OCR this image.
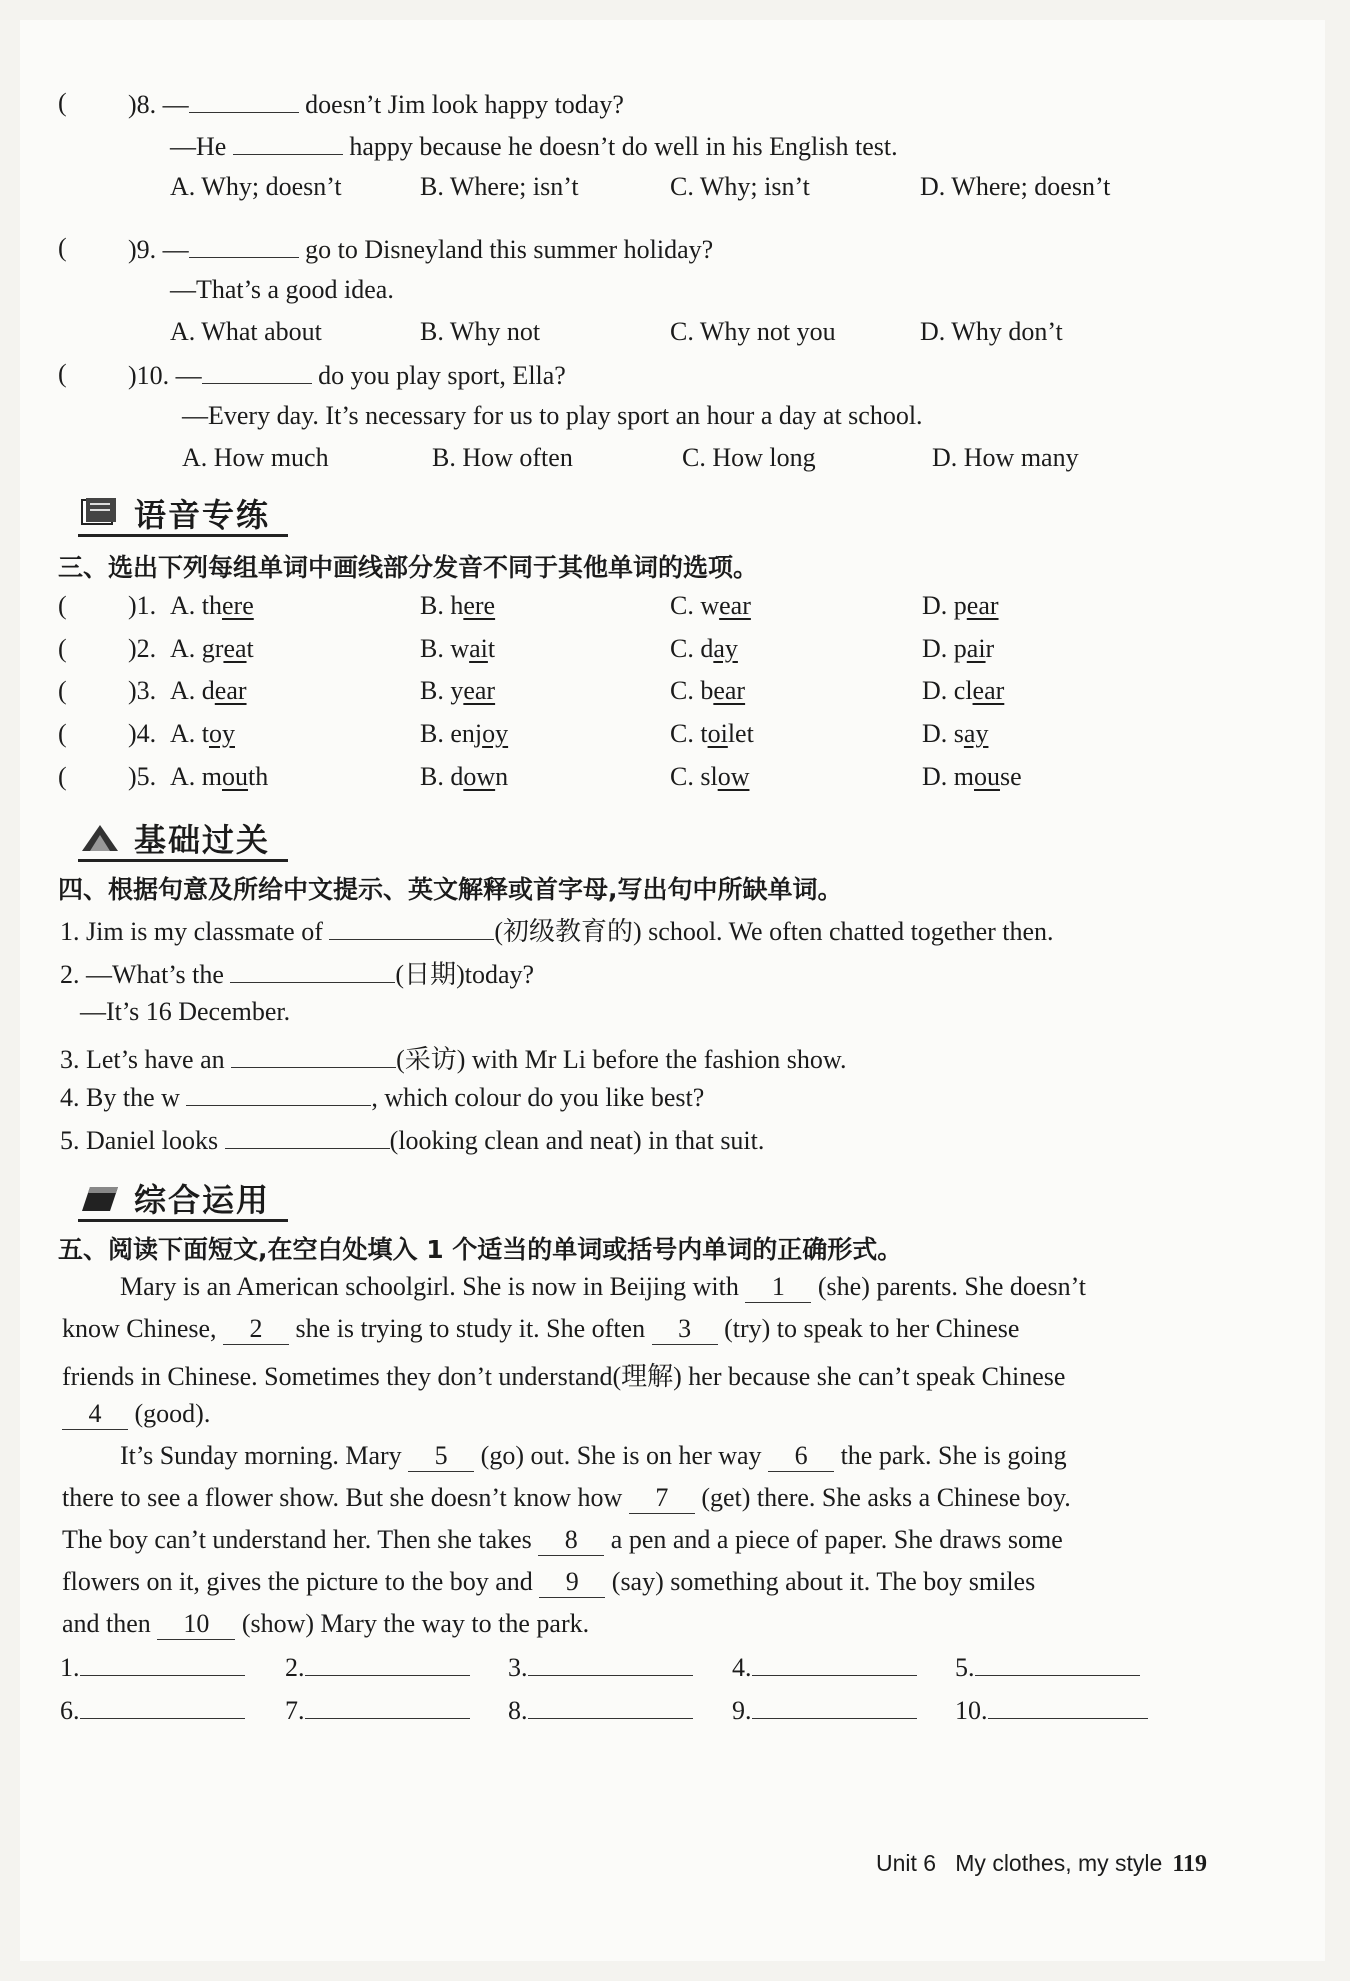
( )8. —	doesn’t Jim look happy today?
—He	happy because he doesn’t do well in his English test.
A. Why; doesn’t	B. Where; isn’t	C. Why; isn’t	D. Where; doesn’t
( )9. —	go to Disneyland this summer holiday?
—That’s a good idea.
A. What about	B. Why not	C. Why not you	D. Why don’t
( )10. —	do you play sport, Ella?
—Every day. It’s necessary for us to play sport an hour a day at school.
A. How much	B. How often	C. How long	D. How many
语音专练
三、选出下列每组单词中画线部分发音不同于其他单词的选项。
( )1. A. there	B. here	C. wear	D. pear
( )2. A. great	B. wait	C. day	D. pair
( )3. A. dear	B. year	C. bear	D. clear
( )4. A. toy	B. enjoy	C. toilet	D. say
( )5. A. mouth	B. down	C. slow	D. mouse
基础过关
四、根据句意及所给中文提示、英文解释或首字母,写出句中所缺单词。
1. Jim is my classmate of	(初级教育的) school. We often chatted together then.
2. —What’s the	(日期)today?
—It’s 16 December.
3. Let’s have an	(采访) with Mr Li before the fashion show.
4. By the w	, which colour do you like best?
5. Daniel looks	(looking clean and neat) in that suit.
综合运用
五、阅读下面短文,在空白处填入 1 个适当的单词或括号内单词的正确形式。
Mary is an American schoolgirl. She is now in Beijing with 1 (she) parents. She doesn’t
know Chinese, 2 she is trying to study it. She often 3 (try) to speak to her Chinese
friends in Chinese. Sometimes they don’t understand(理解) her because she can’t speak Chinese
4 (good).
It’s Sunday morning. Mary 5 (go) out. She is on her way 6 the park. She is going
there to see a flower show. But she doesn’t know how 7 (get) there. She asks a Chinese boy.
The boy can’t understand her. Then she takes 8 a pen and a piece of paper. She draws some
flowers on it, gives the picture to the boy and 9 (say) something about it. The boy smiles
and then 10 (show) Mary the way to the park.
1.	2.	3.	4.	5.
6.	7.	8.	9.	10.
Unit 6 My clothes, my style 119
